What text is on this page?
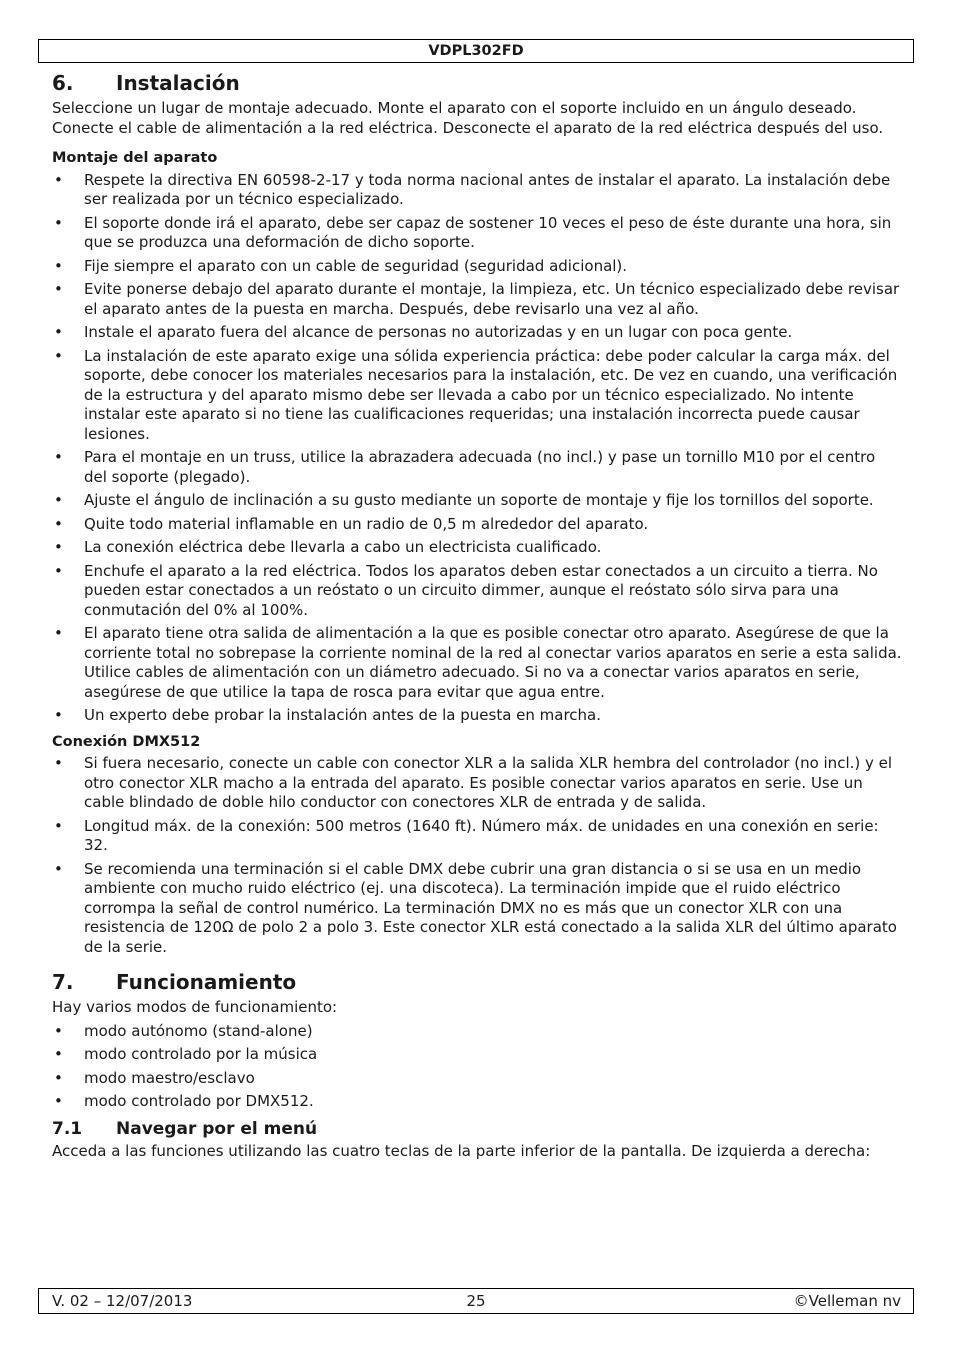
VDPL302FD
6.	Instalación

Seleccione un lugar de montaje adecuado. Monte el aparato con el soporte incluido en un ángulo deseado. Conecte el cable de alimentación a la red eléctrica. Desconecte el aparato de la red eléctrica después del uso.

Montaje del aparato

• Respete la directiva EN 60598-2-17 y toda norma nacional antes de instalar el aparato. La instalación debe ser realizada por un técnico especializado.
• El soporte donde irá el aparato, debe ser capaz de sostener 10 veces el peso de éste durante una hora, sin que se produzca una deformación de dicho soporte.
• Fije siempre el aparato con un cable de seguridad (seguridad adicional).
• Evite ponerse debajo del aparato durante el montaje, la limpieza, etc. Un técnico especializado debe revisar el aparato antes de la puesta en marcha. Después, debe revisarlo una vez al año.
• Instale el aparato fuera del alcance de personas no autorizadas y en un lugar con poca gente.
• La instalación de este aparato exige una sólida experiencia práctica: debe poder calcular la carga máx. del soporte, debe conocer los materiales necesarios para la instalación, etc. De vez en cuando, una verificación de la estructura y del aparato mismo debe ser llevada a cabo por un técnico especializado. No intente instalar este aparato si no tiene las cualificaciones requeridas; una instalación incorrecta puede causar lesiones.
• Para el montaje en un truss, utilice la abrazadera adecuada (no incl.) y pase un tornillo M10 por el centro del soporte (plegado).
• Ajuste el ángulo de inclinación a su gusto mediante un soporte de montaje y fije los tornillos del soporte.
• Quite todo material inflamable en un radio de 0,5 m alrededor del aparato.
• La conexión eléctrica debe llevarla a cabo un electricista cualificado.
• Enchufe el aparato a la red eléctrica. Todos los aparatos deben estar conectados a un circuito a tierra. No pueden estar conectados a un reóstato o un circuito dimmer, aunque el reóstato sólo sirva para una conmutación del 0% al 100%.
• El aparato tiene otra salida de alimentación a la que es posible conectar otro aparato. Asegúrese de que la corriente total no sobrepase la corriente nominal de la red al conectar varios aparatos en serie a esta salida. Utilice cables de alimentación con un diámetro adecuado. Si no va a conectar varios aparatos en serie, asegúrese de que utilice la tapa de rosca para evitar que agua entre.
• Un experto debe probar la instalación antes de la puesta en marcha.

Conexión DMX512

• Si fuera necesario, conecte un cable con conector XLR a la salida XLR hembra del controlador (no incl.) y el otro conector XLR macho a la entrada del aparato. Es posible conectar varios aparatos en serie. Use un cable blindado de doble hilo conductor con conectores XLR de entrada y de salida.
• Longitud máx. de la conexión: 500 metros (1640 ft). Número máx. de unidades en una conexión en serie: 32.
• Se recomienda una terminación si el cable DMX debe cubrir una gran distancia o si se usa en un medio ambiente con mucho ruido eléctrico (ej. una discoteca). La terminación impide que el ruido eléctrico corrompa la señal de control numérico. La terminación DMX no es más que un conector XLR con una resistencia de 120Ω de polo 2 a polo 3. Este conector XLR está conectado a la salida XLR del último aparato de la serie.
7.	Funcionamiento

Hay varios modos de funcionamiento:

• modo autónomo (stand-alone)
• modo controlado por la música
• modo maestro/esclavo
• modo controlado por DMX512.
7.1	Navegar por el menú

Acceda a las funciones utilizando las cuatro teclas de la parte inferior de la pantalla. De izquierda a derecha:

V. 02 – 12/07/2013	25	©Velleman nv
